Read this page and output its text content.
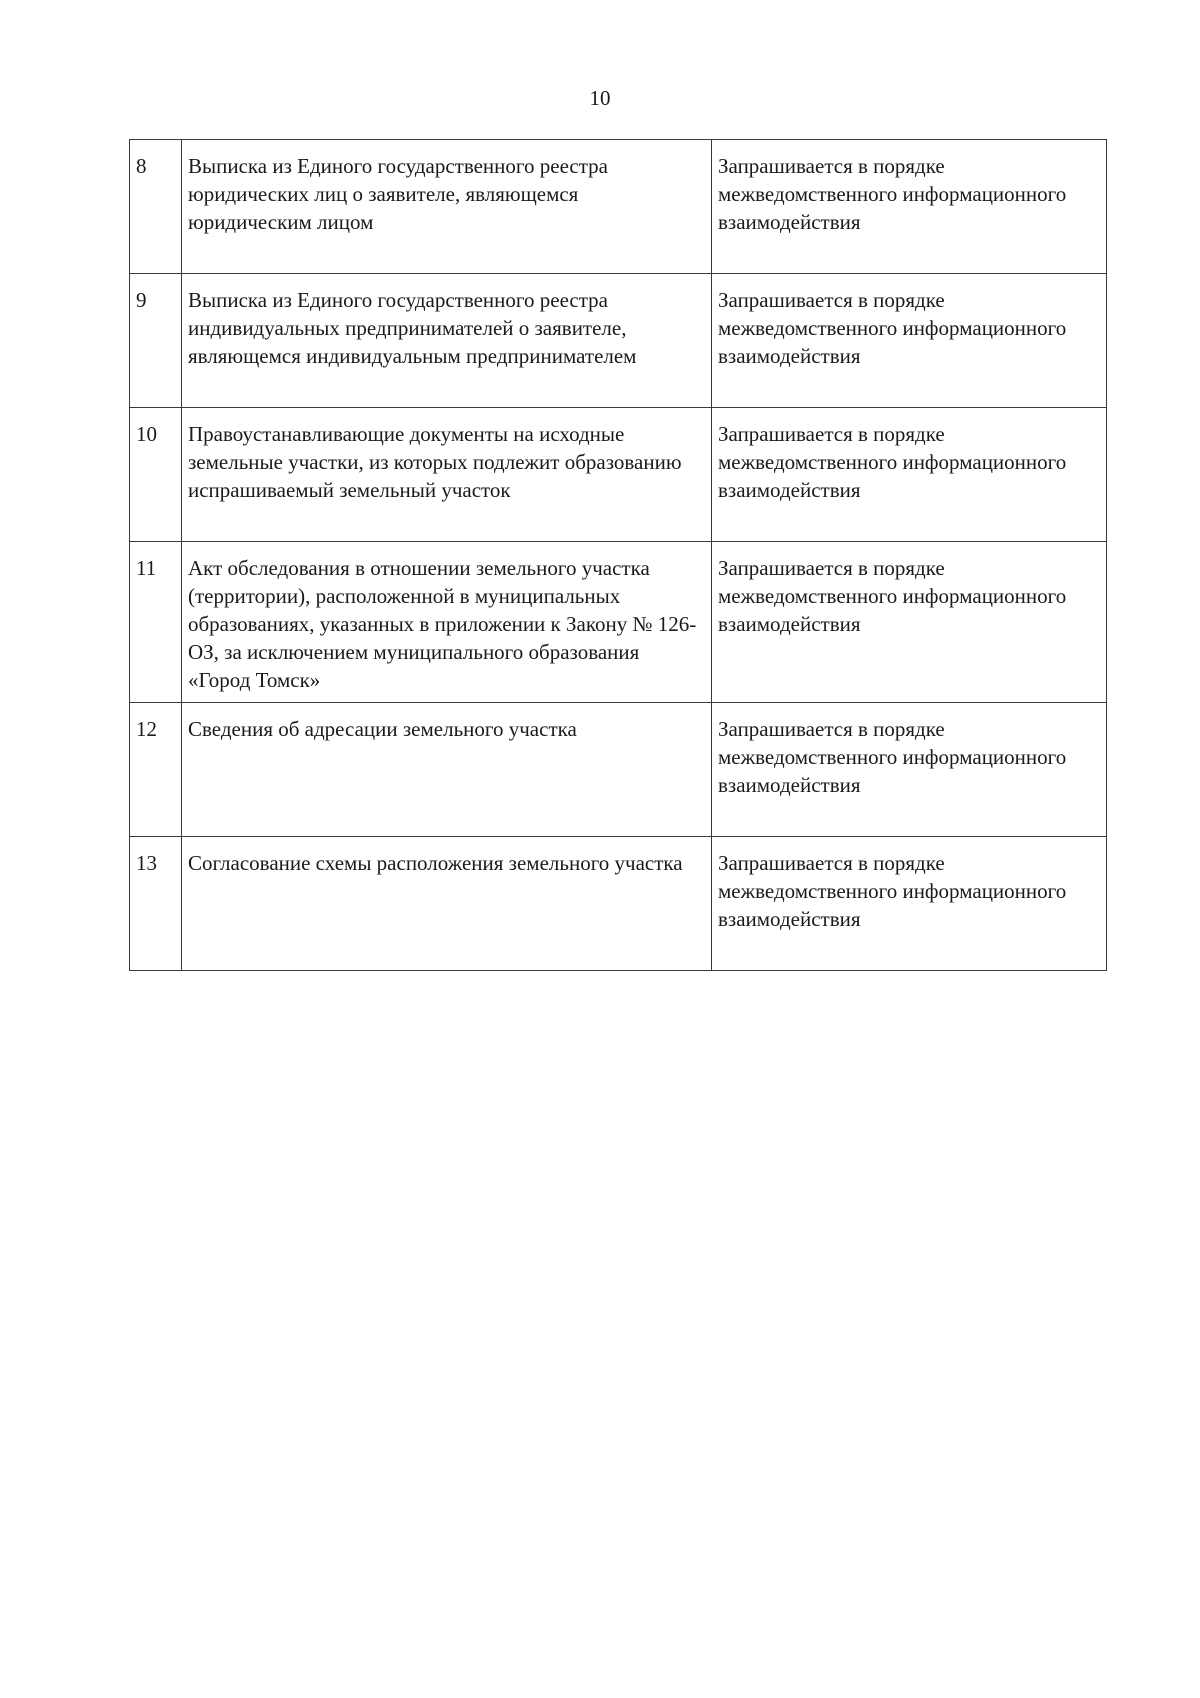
10
8	Выписка из Единого государственного реестра юридических лиц о заявителе, являющемся юридическим лицом	Запрашивается в порядке межведомственного информационного взаимодействия
9	Выписка из Единого государственного реестра индивидуальных предпринимателей о заявителе, являющемся индивидуальным предпринимателем	Запрашивается в порядке межведомственного информационного взаимодействия
10	Правоустанавливающие документы на исходные земельные участки, из которых подлежит образованию испрашиваемый земельный участок	Запрашивается в порядке межведомственного информационного взаимодействия
11	Акт обследования в отношении земельного участка (территории), расположенной в муниципальных образованиях, указанных в приложении к Закону № 126-ОЗ, за исключением муниципального образования «Город Томск»	Запрашивается в порядке межведомственного информационного взаимодействия
12	Сведения об адресации земельного участка	Запрашивается в порядке межведомственного информационного взаимодействия
13	Согласование схемы расположения земельного участка	Запрашивается в порядке межведомственного информационного взаимодействия
